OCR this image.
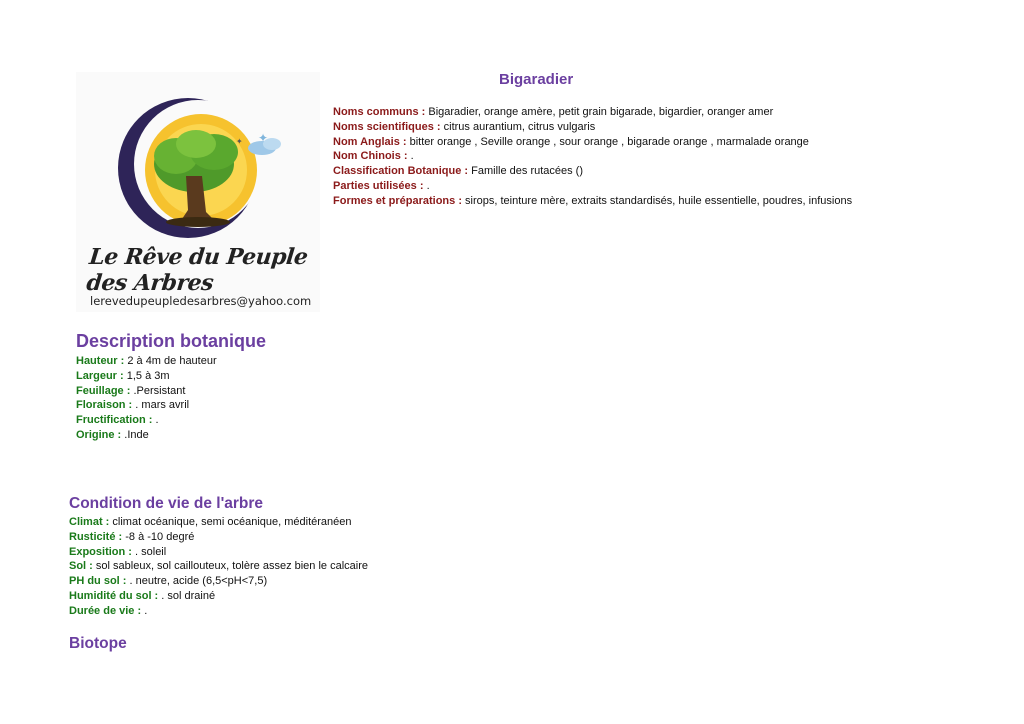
✦
✦
Le Rêve du Peuple des Arbres
lerevedupeupledesarbres@yahoo.com
Bigaradier
Noms communs : Bigaradier, orange amère, petit grain bigarade, bigardier, oranger amer
Noms scientifiques : citrus aurantium, citrus vulgaris
Nom Anglais : bitter orange , Seville orange , sour orange , bigarade orange , marmalade orange
Nom Chinois : .
Classification Botanique : Famille des rutacées ()
Parties utilisées : .
Formes et préparations : sirops, teinture mère, extraits standardisés, huile essentielle, poudres, infusions
Description botanique
Hauteur : 2 à 4m de hauteur
Largeur : 1,5 à 3m
Feuillage : .Persistant
Floraison : . mars avril
Fructification : .
Origine : .Inde
Condition de vie de l'arbre
Climat : climat océanique, semi océanique, méditéranéen
Rusticité : -8 à -10 degré
Exposition : . soleil
Sol : sol sableux, sol caillouteux, tolère assez bien le calcaire
PH du sol : . neutre, acide (6,5<pH<7,5)
Humidité du sol : . sol drainé
Durée de vie : .
Biotope
